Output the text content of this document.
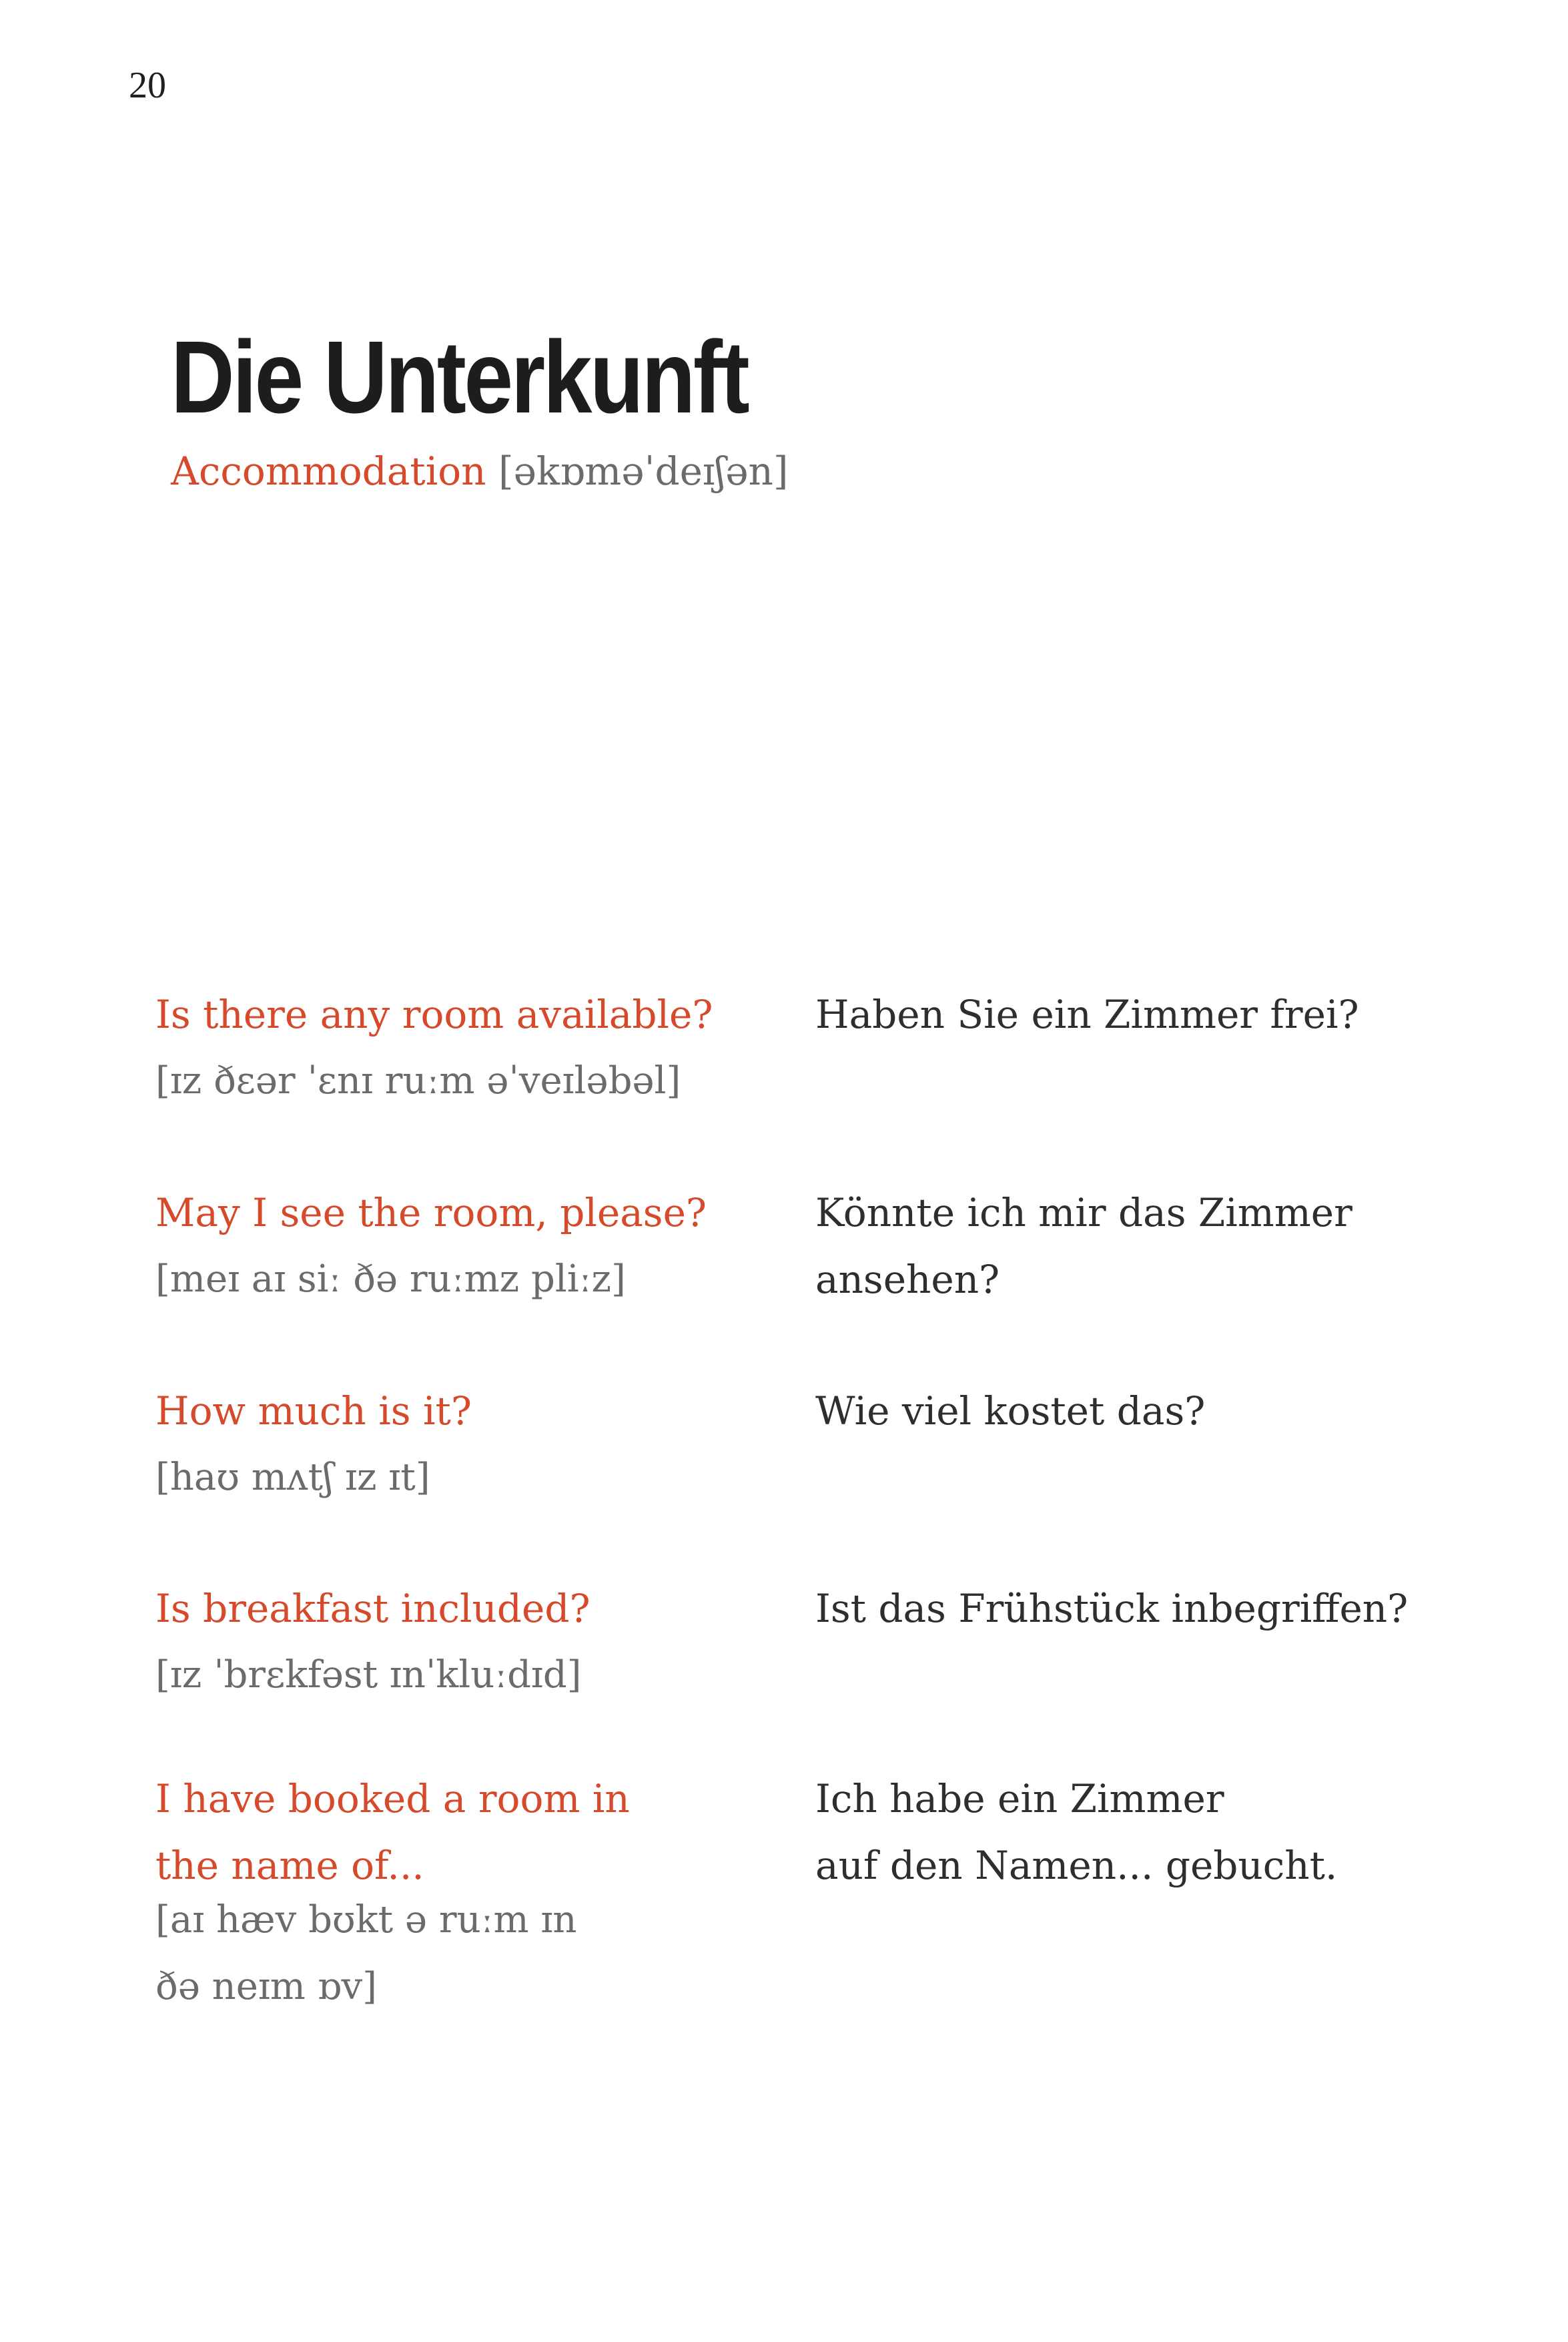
20
Die Unterkunft
Accommodation [əkɒməˈdeɪʃən]
Is there any room available?
[ɪz ðɛər ˈɛnɪ ruːm əˈveɪləbəl]
Haben Sie ein Zimmer frei?
May I see the room, please?
[meɪ aɪ siː ðə ruːmz pliːz]
Könnte ich mir das Zimmer
ansehen?
How much is it?
[haʊ mʌtʃ ɪz ɪt]
Wie viel kostet das?
Is breakfast included?
[ɪz ˈbrɛkfəst ɪnˈkluːdɪd]
Ist das Frühstück inbegriffen?
I have booked a room in
the name of...
[aɪ hæv bʊkt ə ruːm ɪn
ðə neɪm ɒv]
Ich habe ein Zimmer
auf den Namen... gebucht.
